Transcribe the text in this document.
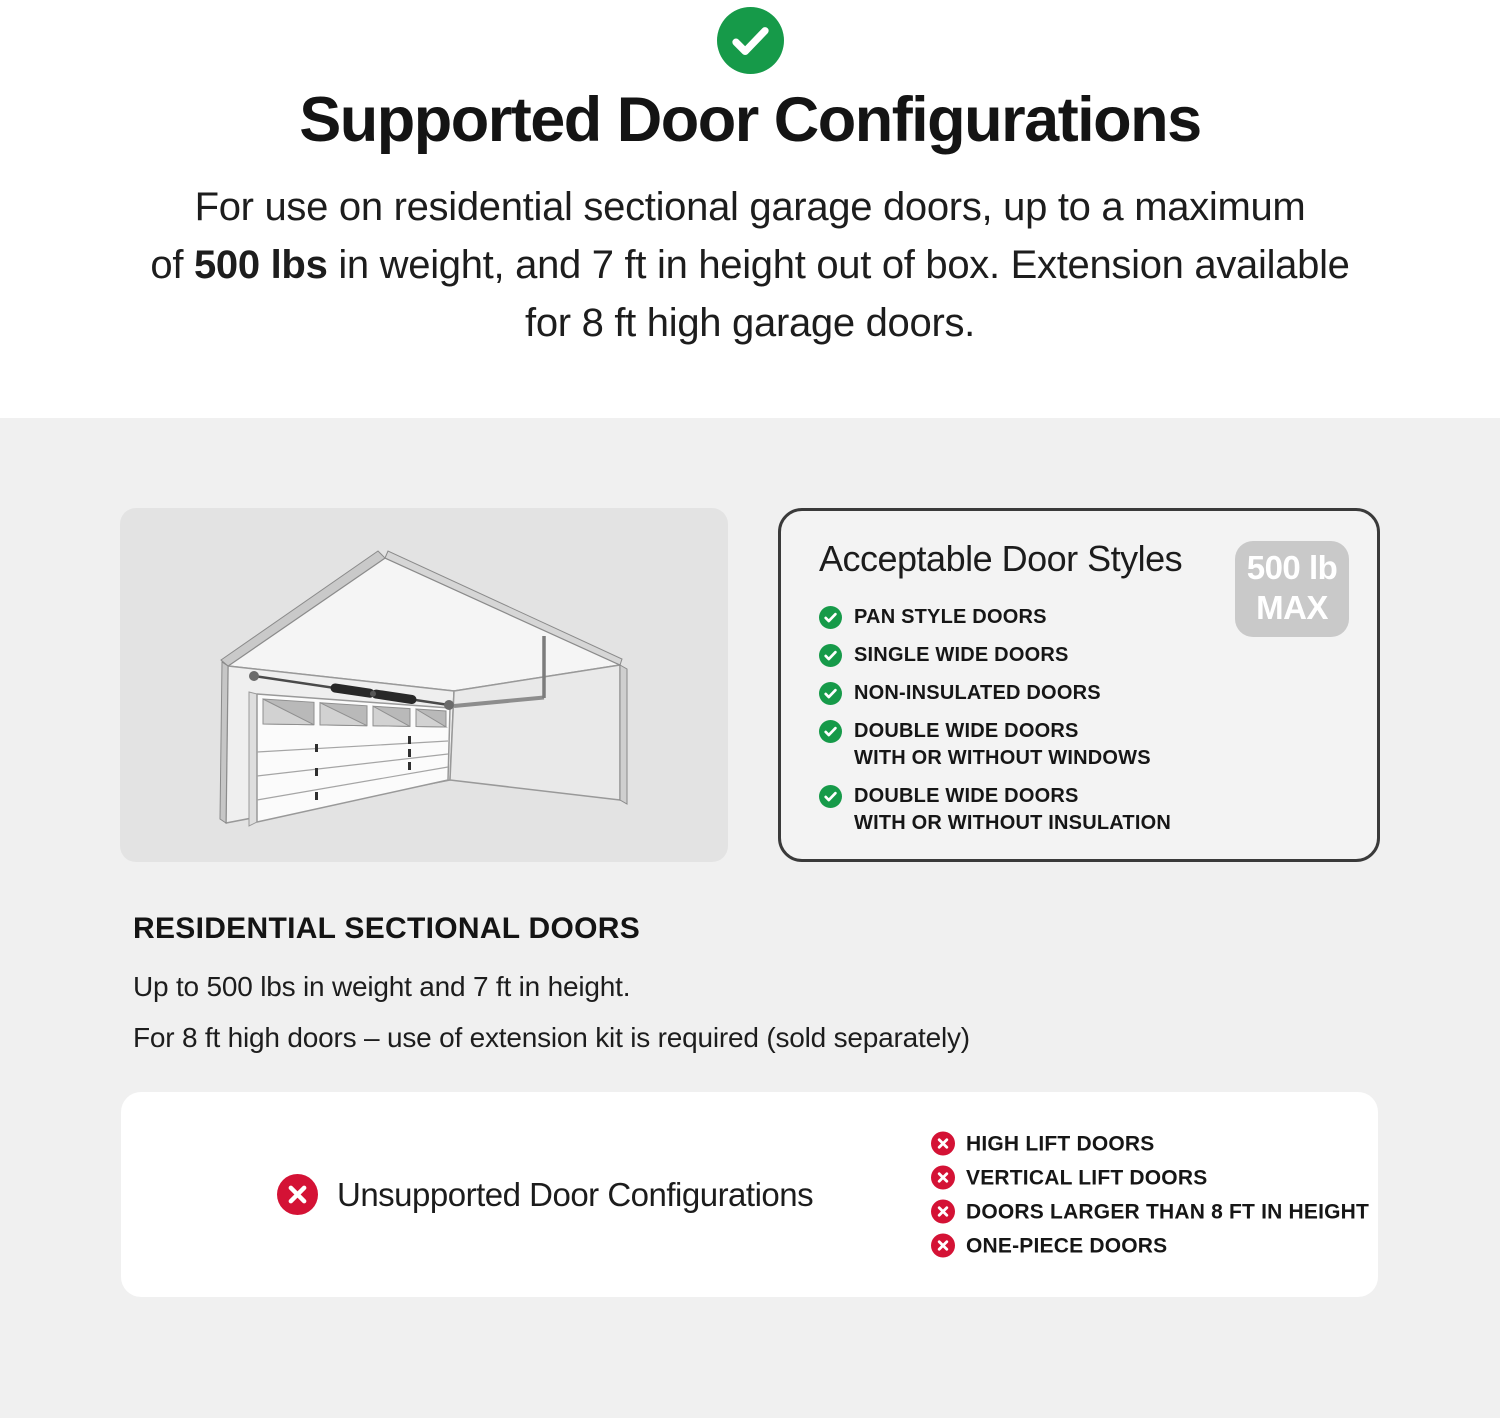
Supported Door Configurations

For use on residential sectional garage doors, up to a maximum
of 500 lbs in weight, and 7 ft in height out of box. Extension available
for 8 ft high garage doors.

Acceptable Door Styles	500 lb
MAX
PAN STYLE DOORS
SINGLE WIDE DOORS
NON-INSULATED DOORS
DOUBLE WIDE DOORS
WITH OR WITHOUT WINDOWS
DOUBLE WIDE DOORS
WITH OR WITHOUT INSULATION
RESIDENTIAL SECTIONAL DOORS

Up to 500 lbs in weight and 7 ft in height.

For 8 ft high doors – use of extension kit is required (sold separately)

Unsupported Door Configurations
HIGH LIFT DOORS
VERTICAL LIFT DOORS
DOORS LARGER THAN 8 FT IN HEIGHT
ONE-PIECE DOORS
